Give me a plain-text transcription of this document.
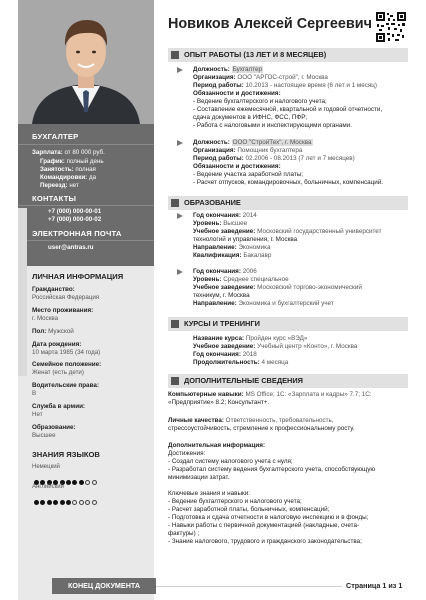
БУХГАЛТЕР
Зарплата: от 80 000 руб.
График: полный день
Занятость: полная
Командировки: да
Переезд: нет
КОНТАКТЫ
+7 (000) 000-00-01
+7 (000) 000-00-02
ЭЛЕКТРОННАЯ ПОЧТА
user@antras.ru
ЛИЧНАЯ ИНФОРМАЦИЯ
Гражданство:
Российская Федерация
Место проживания:
г. Москва
Пол: Мужской
Дата рождения:
10 марта 1985 (34 года)
Семейное положение:
Женат (есть дети)
Водительские права:
B
Служба в армии:
Нет
Образование:
Высшее
ЗНАНИЯ ЯЗЫКОВ
Немецкий
Английский
Новиков Алексей Сергеевич
ОПЫТ РАБОТЫ (13 ЛЕТ И 8 МЕСЯЦЕВ)
Должность: Бухгалтер
Организация: ООО "АРГОС-строй", г. Москва
Период работы: 10.2013 - настоящее время (6 лет и 1 месяц)
Обязанности и достижения:
- Ведение бухгалтерского и налогового учета;
- Составление ежемесячной, квартальной и годовой отчетности,
сдача документов в ИФНС, ФСС, ПФР;
- Работа с налоговыми и инспектирующими органами.
Должность: ООО "СтройТех", г. Москва
Организация: Помощник бухгалтера
Период работы: 02.2006 - 08.2013 (7 лет и 7 месяцев)
Обязанности и достижения:
- Ведение участка заработной платы;
- Расчет отпусков, командировочных, больничных, компенсаций.
ОБРАЗОВАНИЕ
Год окончания: 2014
Уровень: Высшее
Учебное заведение: Московский государственный университет
технологий и управления, г. Москва
Направление: Экономика
Квалификация: Бакалавр
Год окончания: 2006
Уровень: Среднее специальное
Учебное заведение: Московский торгово-экономический
техникум, г. Москва
Направление: Экономика и бухгалтерский учет
КУРСЫ И ТРЕНИНГИ
Название курса: Пройден курс «ВЭД»
Учебное заведение: Учебный центр «Конто», г. Москва
Год окончания: 2018
Продолжительность: 4 месяца
ДОПОЛНИТЕЛЬНЫЕ СВЕДЕНИЯ
Компьютерные навыки: MS Office; 1С: «Зарплата и кадры» 7.7; 1С:
«Предприятие» 8.2; Консультант+.
Личные качества: Ответственность, требовательность,
стрессоустойчивость, стремление к профессиональному росту.
Дополнительная информация:
Достижения:
- Создал систему налогового учета с нуля;
- Разработал систему ведения бухгалтерского учета, способствующую
минимизации затрат.
Ключевые знания и навыки:
- Ведение бухгалтерского и налогового учета;
- Расчет заработной платы, больничных, компенсаций;
- Подготовка и сдача отчетности в налоговую инспекцию и в фонды;
- Навыки работы с первичной документацией (накладные, счета-
фактуры) ;
- Знание налогового, трудового и гражданского законодательства;
КОНЕЦ ДОКУМЕНТА	Страница 1 из 1
